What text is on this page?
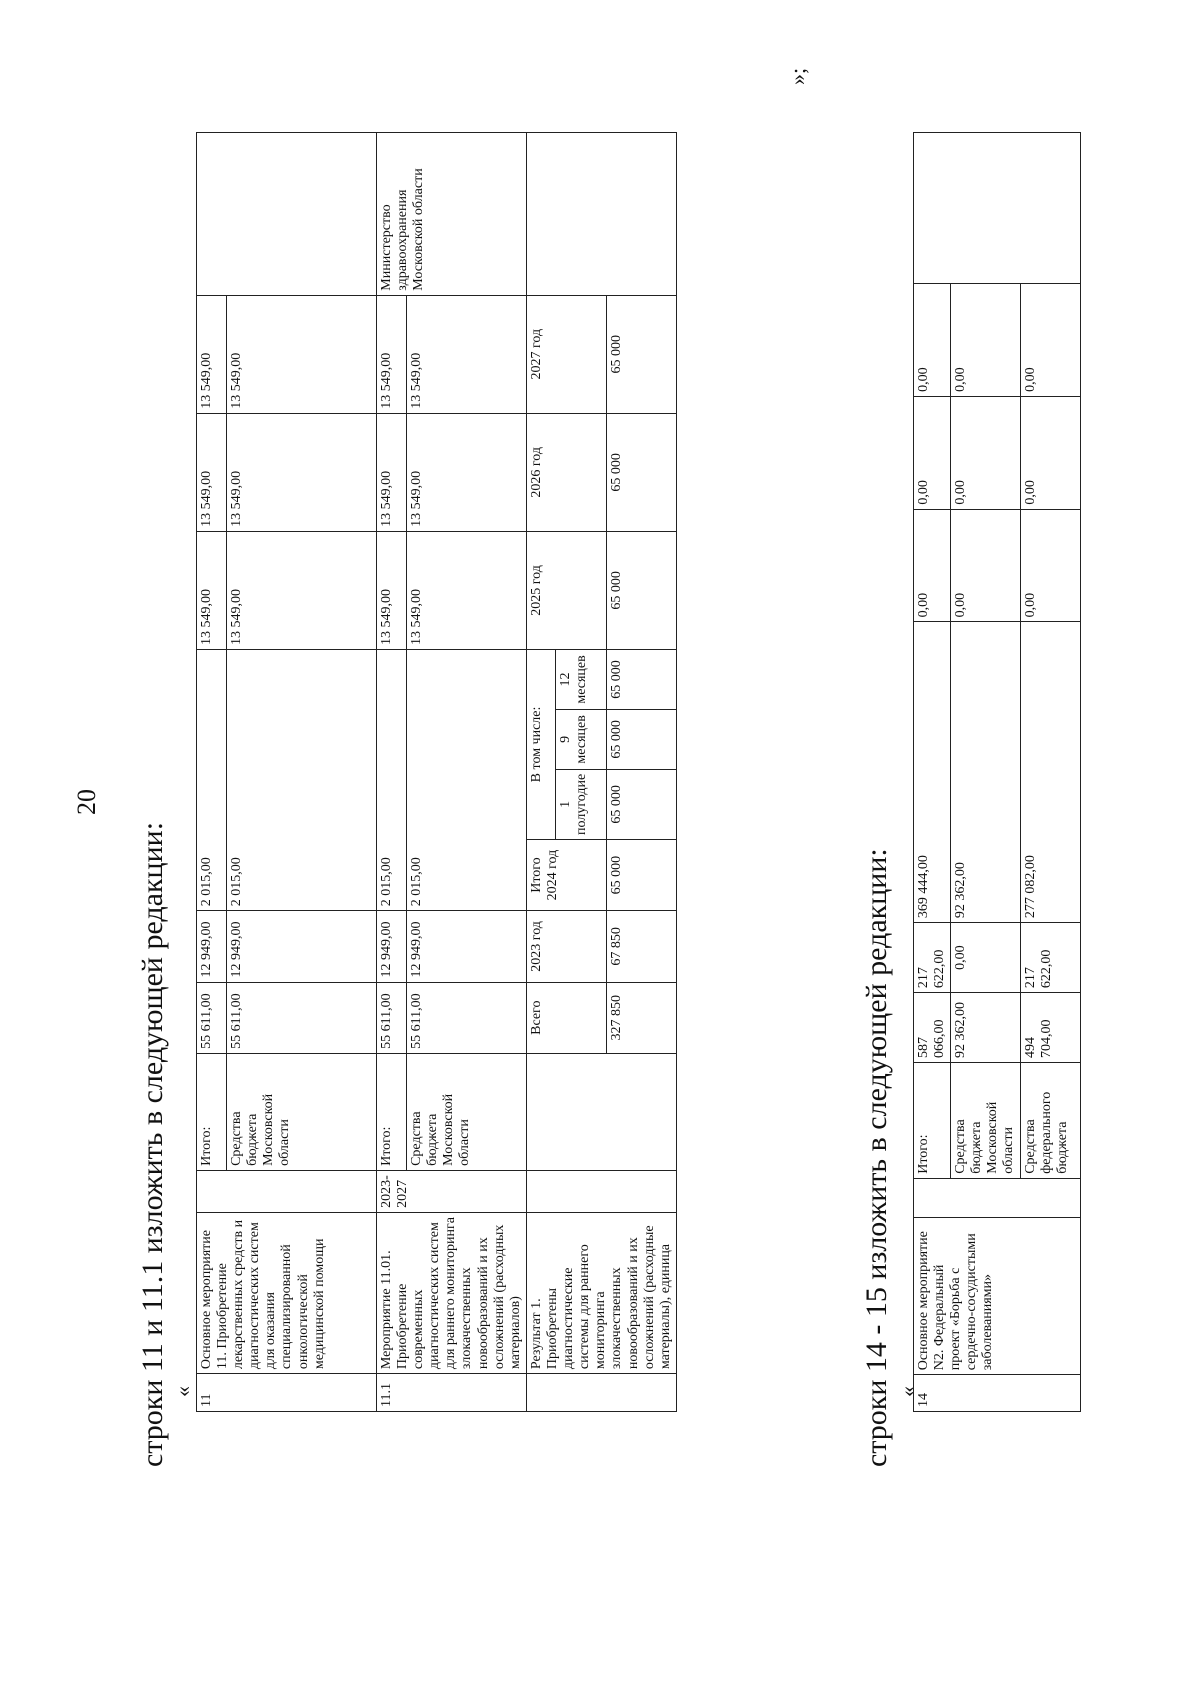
20
строки 11 и 11.1 изложить в следующей редакции: «
11	Основное мероприятие 11. Приобретение лекарственных средств и диагностических систем для оказания специализированной онкологической медицинской помощи		Итого:	55 611,00	12 949,00	2 015,00				13 549,00	13 549,00	13 549,00	
			Средства бюджета Московской области	55 611,00	12 949,00	2 015,00				13 549,00	13 549,00	13 549,00	
11.1	Мероприятие 11.01. Приобретение современных диагностических систем для раннего мониторинга злокачественных новообразований и их осложнений (расходных материалов)	2023-2027	Итого:	55 611,00	12 949,00	2 015,00				13 549,00	13 549,00	13 549,00	Министерство здравоохранения Московской области
			Средства бюджета Московской области	55 611,00	12 949,00	2 015,00				13 549,00	13 549,00	13 549,00	
	Результат 1. Приобретены диагностические системы для раннего мониторинга злокачественных новообразований и их осложнений (расходные материалы), единица			Всего	2023 год	Итого 2024 год	В том числе:			2025 год	2026 год	2027 год	
							1 полугодие	9 месяцев	12 месяцев				
				327 850	67 850	65 000	65 000	65 000	65 000	65 000	65 000	65 000	
»;
строки 14 - 15 изложить в следующей редакции: «
14	Основное мероприятие N2. Федеральный проект «Борьба с сердечно-сосудистыми заболеваниями»		Итого:	587 066,00	217 622,00	369 444,00	0,00	0,00	0,00	
			Средства бюджета Московской области	92 362,00	0,00	92 362,00	0,00	0,00	0,00	
			Средства федерального бюджета	494 704,00	217 622,00	277 082,00	0,00	0,00	0,00	
